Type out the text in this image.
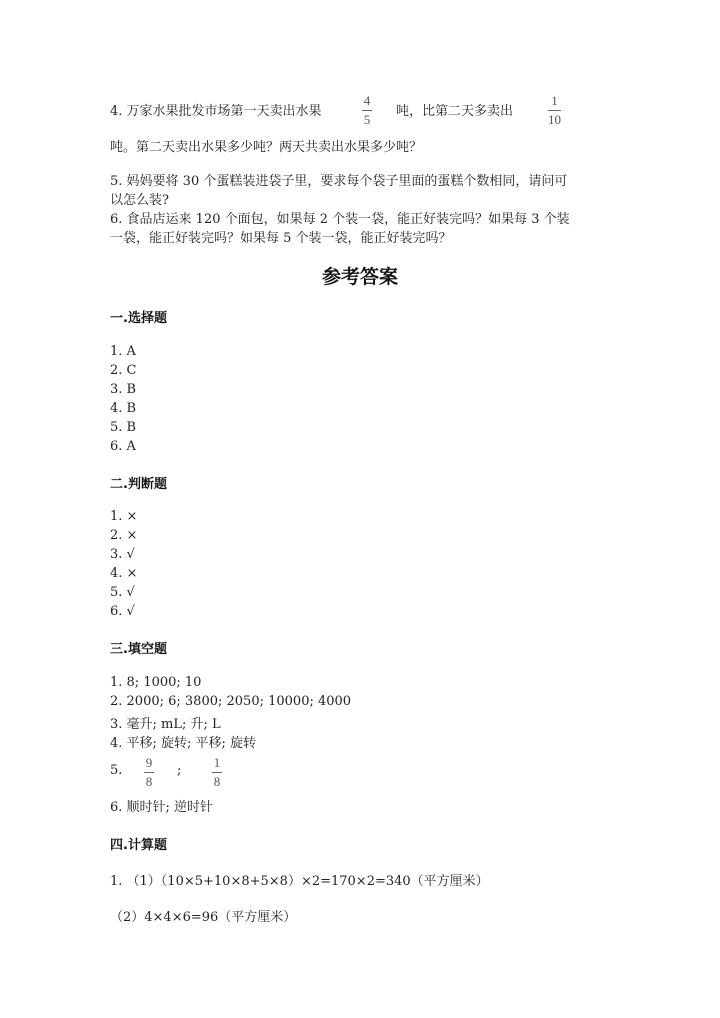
4. 万家水果批发市场第一天卖出水果
4
5
吨，比第二天多卖出
1
10
吨。第二天卖出水果多少吨？两天共卖出水果多少吨？
5. 妈妈要将 30 个蛋糕装进袋子里，要求每个袋子里面的蛋糕个数相同，请问可
以怎么装?
6. 食品店运来 120 个面包，如果每 2 个装一袋，能正好装完吗？如果每 3 个装
一袋，能正好装完吗？如果每 5 个装一袋，能正好装完吗？
参考答案
一.选择题
1. A
2. C
3. B
4. B
5. B
6. A
二.判断题
1. ×
2. ×
3. √
4. ×
5. √
6. √
三.填空题
1. 8; 1000; 10
2. 2000; 6; 3800; 2050; 10000; 4000
3. 毫升; mL; 升; L
4. 平移; 旋转; 平移; 旋转
5.
9
8
;
1
8
6. 顺时针; 逆时针
四.计算题
1. （1）（10×5+10×8+5×8）×2=170×2=340（平方厘米）
（2）4×4×6=96（平方厘米）
